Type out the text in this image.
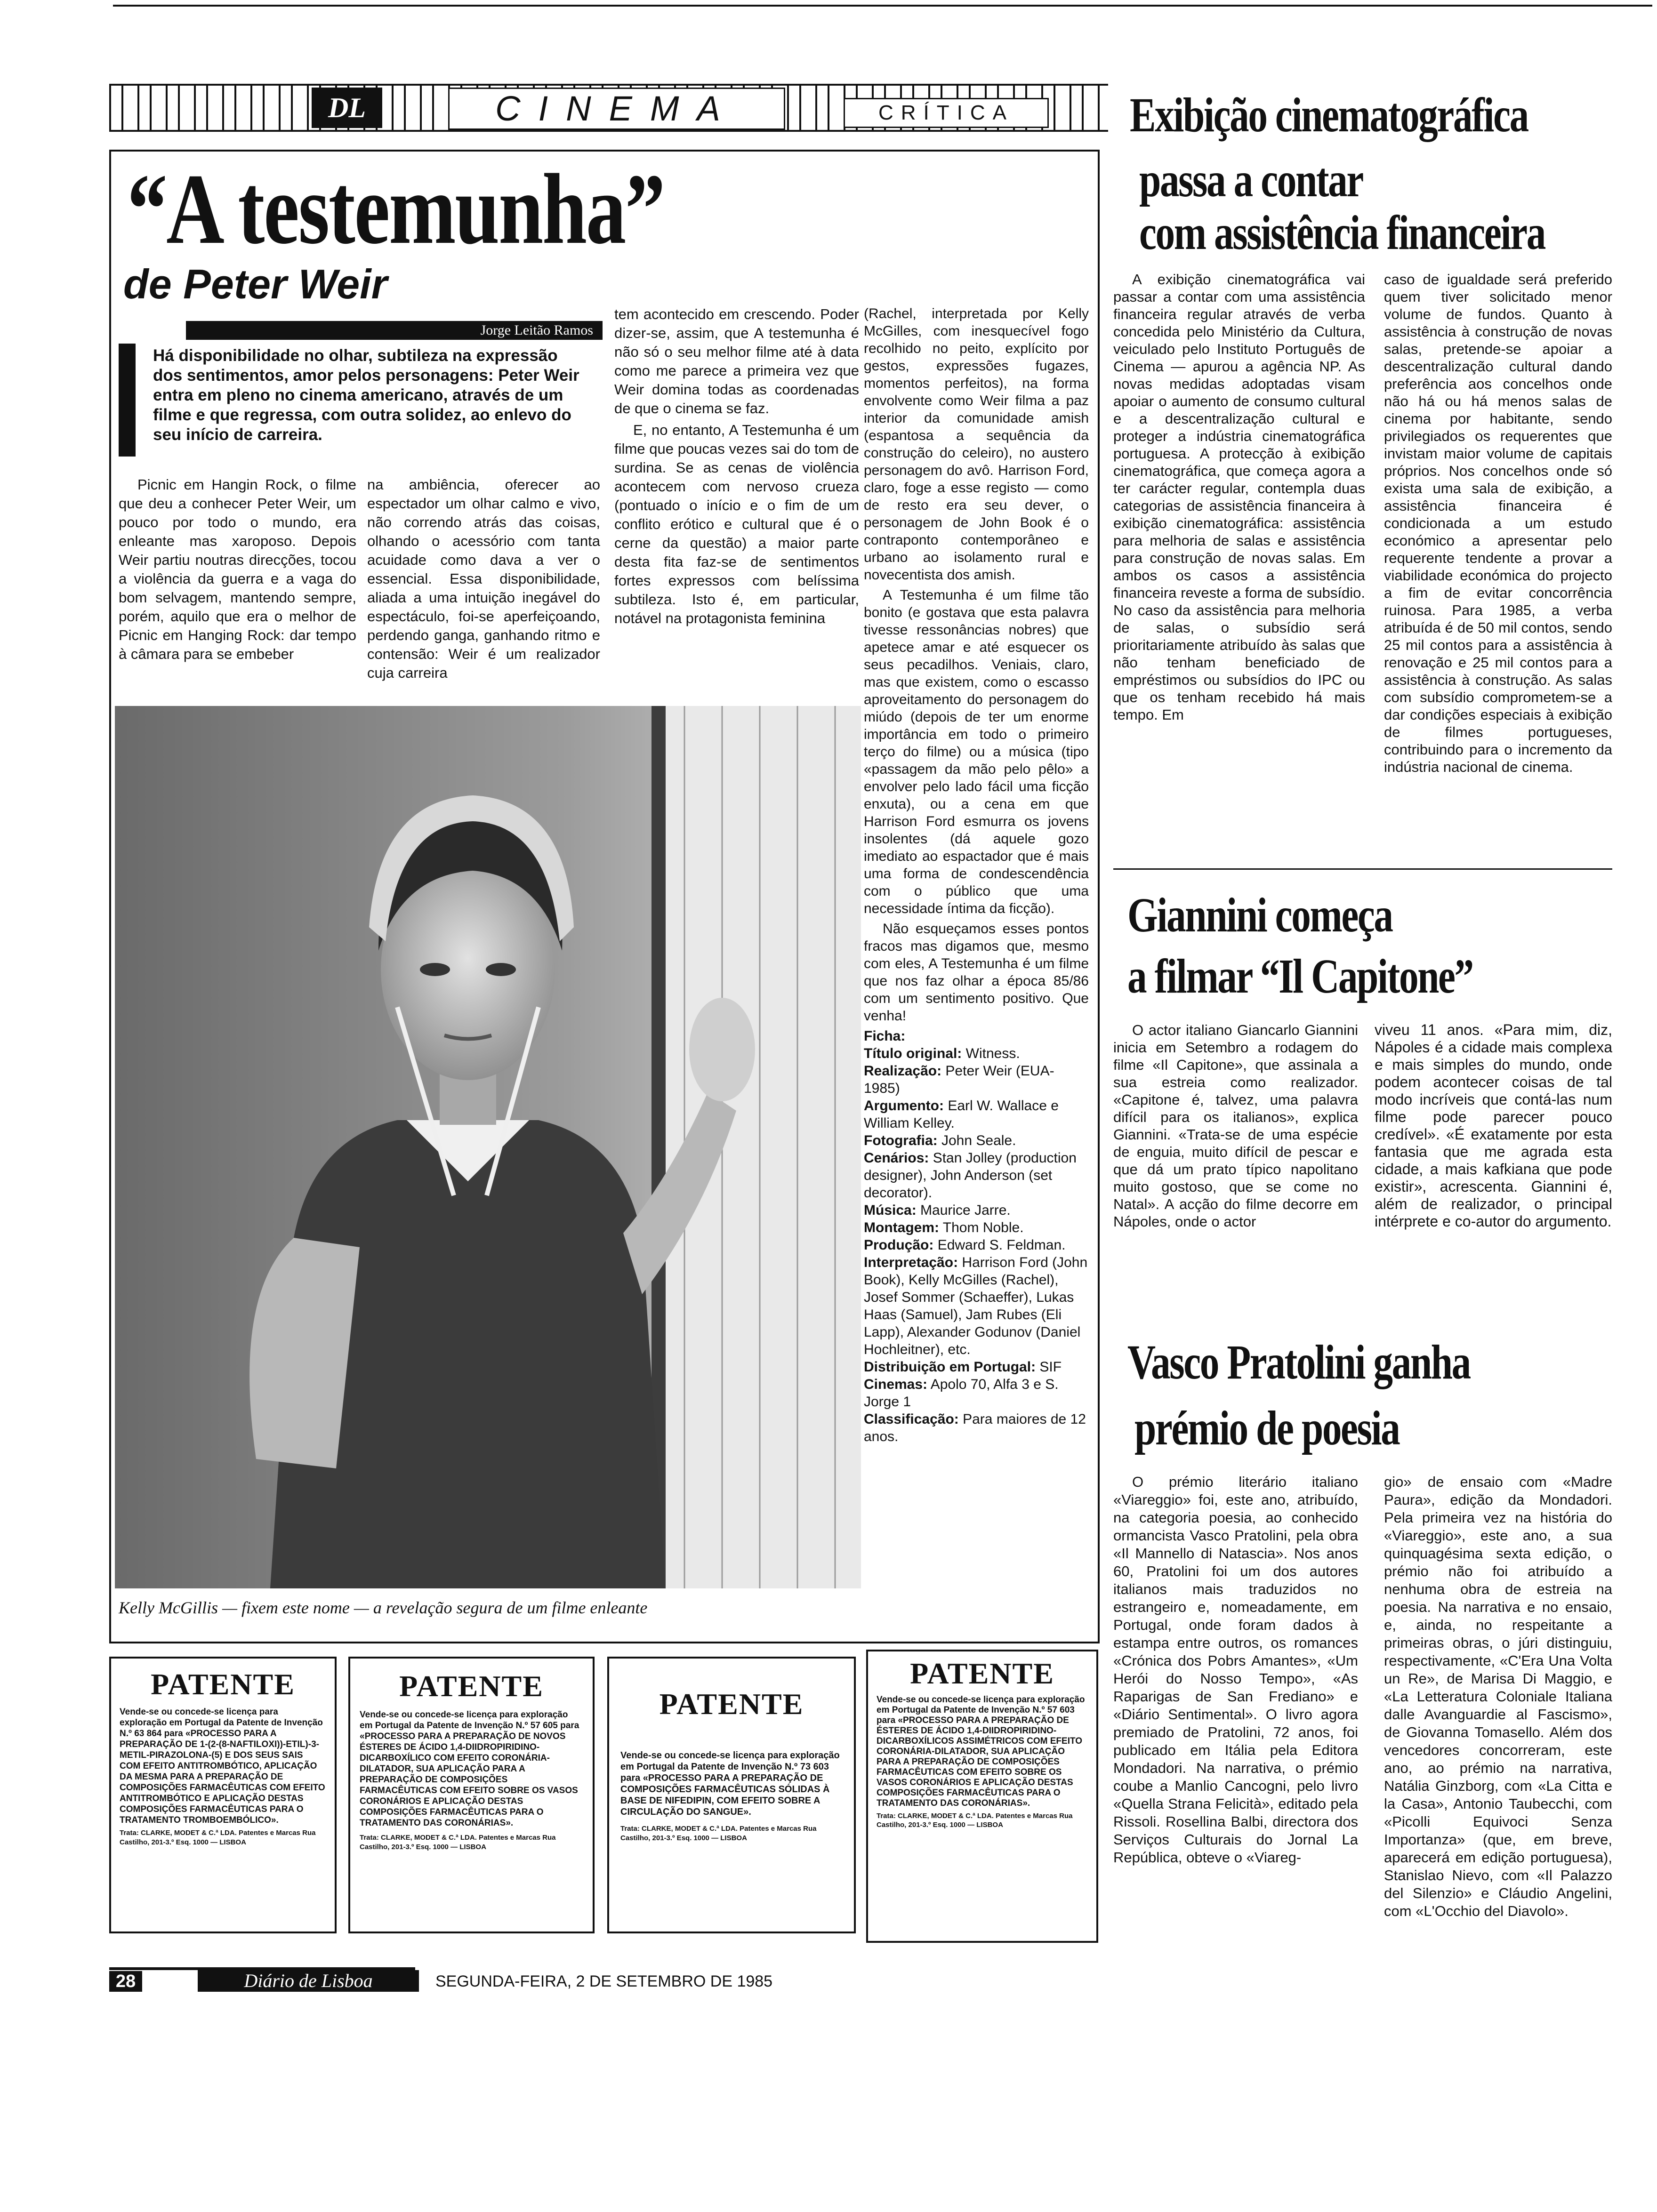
DL	CINEMA	CRÍTICA
“A testemunha”
de Peter Weir
Jorge Leitão Ramos
Há disponibilidade no olhar, subtileza na expressão dos sentimentos, amor pelos personagens: Peter Weir entra em pleno no cinema americano, através de um filme e que regressa, com outra solidez, ao enlevo do seu início de carreira.

Picnic em Hangin Rock, o filme que deu a conhecer Peter Weir, um pouco por todo o mundo, era enleante mas xaroposo. Depois Weir partiu noutras direcções, tocou a violência da guerra e a vaga do bom selvagem, mantendo sempre, porém, aquilo que era o melhor de Picnic em Hanging Rock: dar tempo à câmara para se embeber

na ambiência, oferecer ao espectador um olhar calmo e vivo, não correndo atrás das coisas, olhando o acessório com tanta acuidade como dava a ver o essencial. Essa disponibilidade, aliada a uma intuição inegável do espectáculo, foi-se aperfeiçoando, perdendo ganga, ganhando ritmo e contensão: Weir é um realizador cuja carreira

tem acontecido em crescendo. Poder dizer-se, assim, que A testemunha é não só o seu melhor filme até à data como me parece a primeira vez que Weir domina todas as coordenadas de que o cinema se faz.

E, no entanto, A Testemunha é um filme que poucas vezes sai do tom de surdina. Se as cenas de violência acontecem com nervoso crueza (pontuado o início e o fim de um conflito erótico e cultural que é o cerne da questão) a maior parte desta fita faz-se de sentimentos fortes expressos com belíssima subtileza. Isto é, em particular, notável na protagonista feminina

(Rachel, interpretada por Kelly McGilles, com inesquecível fogo recolhido no peito, explícito por gestos, expressões fugazes, momentos perfeitos), na forma envolvente como Weir filma a paz interior da comunidade amish (espantosa a sequência da construção do celeiro), no austero personagem do avô. Harrison Ford, claro, foge a esse registo — como de resto era seu dever, o personagem de John Book é o contraponto contemporâneo e urbano ao isolamento rural e novecentista dos amish.

A Testemunha é um filme tão bonito (e gostava que esta palavra tivesse ressonâncias nobres) que apetece amar e até esquecer os seus pecadilhos. Veniais, claro, mas que existem, como o escasso aproveitamento do personagem do miúdo (depois de ter um enorme importância em todo o primeiro terço do filme) ou a música (tipo «passagem da mão pelo pêlo» a envolver pelo lado fácil uma ficção enxuta), ou a cena em que Harrison Ford esmurra os jovens insolentes (dá aquele gozo imediato ao espactador que é mais uma forma de condescendência com o público que uma necessidade íntima da ficção).

Não esqueçamos esses pontos fracos mas digamos que, mesmo com eles, A Testemunha é um filme que nos faz olhar a época 85/86 com um sentimento positivo. Que venha!

Ficha:
Título original: Witness.
Realização: Peter Weir (EUA-1985)
Argumento: Earl W. Wallace e William Kelley.
Fotografia: John Seale.
Cenários: Stan Jolley (production designer), John Anderson (set decorator).
Música: Maurice Jarre.
Montagem: Thom Noble.
Produção: Edward S. Feldman.
Interpretação: Harrison Ford (John Book), Kelly McGilles (Rachel), Josef Sommer (Schaeffer), Lukas Haas (Samuel), Jam Rubes (Eli Lapp), Alexander Godunov (Daniel Hochleitner), etc.
Distribuição em Portugal: SIF
Cinemas: Apolo 70, Alfa 3 e S. Jorge 1
Classificação: Para maiores de 12 anos.
Kelly McGillis — fixem este nome — a revelação segura de um filme enleante
Exibição cinematográfica
passa a contar
com assistência financeira

A exibição cinematográfica vai passar a contar com uma assistência financeira regular através de verba concedida pelo Ministério da Cultura, veiculado pelo Instituto Português de Cinema — apurou a agência NP. As novas medidas adoptadas visam apoiar o aumento de consumo cultural e a descentralização cultural e proteger a indústria cinematográfica portuguesa. A protecção à exibição cinematográfica, que começa agora a ter carácter regular, contempla duas categorias de assistência financeira à exibição cinematográfica: assistência para melhoria de salas e assistência para construção de novas salas. Em ambos os casos a assistência financeira reveste a forma de subsídio. No caso da assistência para melhoria de salas, o subsídio será prioritariamente atribuído às salas que não tenham beneficiado de empréstimos ou subsídios do IPC ou que os tenham recebido há mais tempo. Em

caso de igualdade será preferido quem tiver solicitado menor volume de fundos. Quanto à assistência à construção de novas salas, pretende-se apoiar a descentralização cultural dando preferência aos concelhos onde não há ou há menos salas de cinema por habitante, sendo privilegiados os requerentes que invistam maior volume de capitais próprios. Nos concelhos onde só exista uma sala de exibição, a assistência financeira é condicionada a um estudo económico a apresentar pelo requerente tendente a provar a viabilidade económica do projecto a fim de evitar concorrência ruinosa. Para 1985, a verba atribuída é de 50 mil contos, sendo 25 mil contos para a assistência à renovação e 25 mil contos para a assistência à construção. As salas com subsídio comprometem-se a dar condições especiais à exibição de filmes portugueses, contribuindo para o incremento da indústria nacional de cinema.

Giannini começa
a filmar “Il Capitone”

O actor italiano Giancarlo Giannini inicia em Setembro a rodagem do filme «Il Capitone», que assinala a sua estreia como realizador. «Capitone é, talvez, uma palavra difícil para os italianos», explica Giannini. «Trata-se de uma espécie de enguia, muito difícil de pescar e que dá um prato típico napolitano muito gostoso, que se come no Natal». A acção do filme decorre em Nápoles, onde o actor

viveu 11 anos. «Para mim, diz, Nápoles é a cidade mais complexa e mais simples do mundo, onde podem acontecer coisas de tal modo incríveis que contá-las num filme pode parecer pouco credível». «É exatamente por esta fantasia que me agrada esta cidade, a mais kafkiana que pode existir», acrescenta. Giannini é, além de realizador, o principal intérprete e co-autor do argumento.

Vasco Pratolini ganha
prémio de poesia

O prémio literário italiano «Viareggio» foi, este ano, atribuído, na categoria poesia, ao conhecido ormancista Vasco Pratolini, pela obra «Il Mannello di Natascia». Nos anos 60, Pratolini foi um dos autores italianos mais traduzidos no estrangeiro e, nomeadamente, em Portugal, onde foram dados à estampa entre outros, os romances «Crónica dos Pobrs Amantes», «Um Herói do Nosso Tempo», «As Raparigas de San Frediano» e «Diário Sentimental». O livro agora premiado de Pratolini, 72 anos, foi publicado em Itália pela Editora Mondadori. Na narrativa, o prémio coube a Manlio Cancogni, pelo livro «Quella Strana Felicità», editado pela Rissoli. Rosellina Balbi, directora dos Serviços Culturais do Jornal La República, obteve o «Viareg-

gio» de ensaio com «Madre Paura», edição da Mondadori. Pela primeira vez na história do «Viareggio», este ano, a sua quinquagésima sexta edição, o prémio não foi atribuído a nenhuma obra de estreia na poesia. Na narrativa e no ensaio, e, ainda, no respeitante a primeiras obras, o júri distinguiu, respectivamente, «C'Era Una Volta un Re», de Marisa Di Maggio, e «La Letteratura Coloniale Italiana dalle Avanguardie al Fascismo», de Giovanna Tomasello. Além dos vencedores concorreram, este ano, ao prémio na narrativa, Natália Ginzborg, com «La Citta e la Casa», Antonio Taubecchi, com «Picolli Equivoci Senza Importanza» (que, em breve, aparecerá em edição portuguesa), Stanislao Nievo, com «Il Palazzo del Silenzio» e Cláudio Angelini, com «L'Occhio del Diavolo».

PATENTE
Vende-se ou concede-se licença para exploração em Portugal da Patente de Invenção N.º 63 864 para «PROCESSO PARA A PREPARAÇÃO DE 1-(2-(8-NAFTILOXI))-ETIL)-3-METIL-PIRAZOLONA-(5) E DOS SEUS SAIS COM EFEITO ANTITROMBÓTICO, APLICAÇÃO DA MESMA PARA A PREPARAÇÃO DE COMPOSIÇÕES FARMACÊUTICAS COM EFEITO ANTITROMBÓTICO E APLICAÇÃO DESTAS COMPOSIÇÕES FARMACÊUTICAS PARA O TRATAMENTO TROMBOEMBÓLICO».
Trata: CLARKE, MODET & C.ª LDA. Patentes e Marcas Rua Castilho, 201-3.º Esq. 1000 — LISBOA
PATENTE
Vende-se ou concede-se licença para exploração em Portugal da Patente de Invenção N.º 57 605 para «PROCESSO PARA A PREPARAÇÃO DE NOVOS ÉSTERES DE ÁCIDO 1,4-DIIDROPIRIDINO-DICARBOXÍLICO COM EFEITO CORONÁRIA-DILATADOR, SUA APLICAÇÃO PARA A PREPARAÇÃO DE COMPOSIÇÕES FARMACÊUTICAS COM EFEITO SOBRE OS VASOS CORONÁRIOS E APLICAÇÃO DESTAS COMPOSIÇÕES FARMACÊUTICAS PARA O TRATAMENTO DAS CORONÁRIAS».
Trata: CLARKE, MODET & C.ª LDA. Patentes e Marcas Rua Castilho, 201-3.º Esq. 1000 — LISBOA
PATENTE
Vende-se ou concede-se licença para exploração em Portugal da Patente de Invenção N.º 73 603 para «PROCESSO PARA A PREPARAÇÃO DE COMPOSIÇÕES FARMACÊUTICAS SÓLIDAS À BASE DE NIFEDIPIN, COM EFEITO SOBRE A CIRCULAÇÃO DO SANGUE».
Trata: CLARKE, MODET & C.ª LDA. Patentes e Marcas Rua Castilho, 201-3.º Esq. 1000 — LISBOA
PATENTE
Vende-se ou concede-se licença para exploração em Portugal da Patente de Invenção N.º 57 603 para «PROCESSO PARA A PREPARAÇÃO DE ÉSTERES DE ÁCIDO 1,4-DIIDROPIRIDINO-DICARBOXÍLICOS ASSIMÉTRICOS COM EFEITO CORONÁRIA-DILATADOR, SUA APLICAÇÃO PARA A PREPARAÇÃO DE COMPOSIÇÕES FARMACÊUTICAS COM EFEITO SOBRE OS VASOS CORONÁRIOS E APLICAÇÃO DESTAS COMPOSIÇÕES FARMACÊUTICAS PARA O TRATAMENTO DAS CORONÁRIAS».
Trata: CLARKE, MODET & C.ª LDA. Patentes e Marcas Rua Castilho, 201-3.º Esq. 1000 — LISBOA
28	Diário de Lisboa	SEGUNDA-FEIRA, 2 DE SETEMBRO DE 1985
